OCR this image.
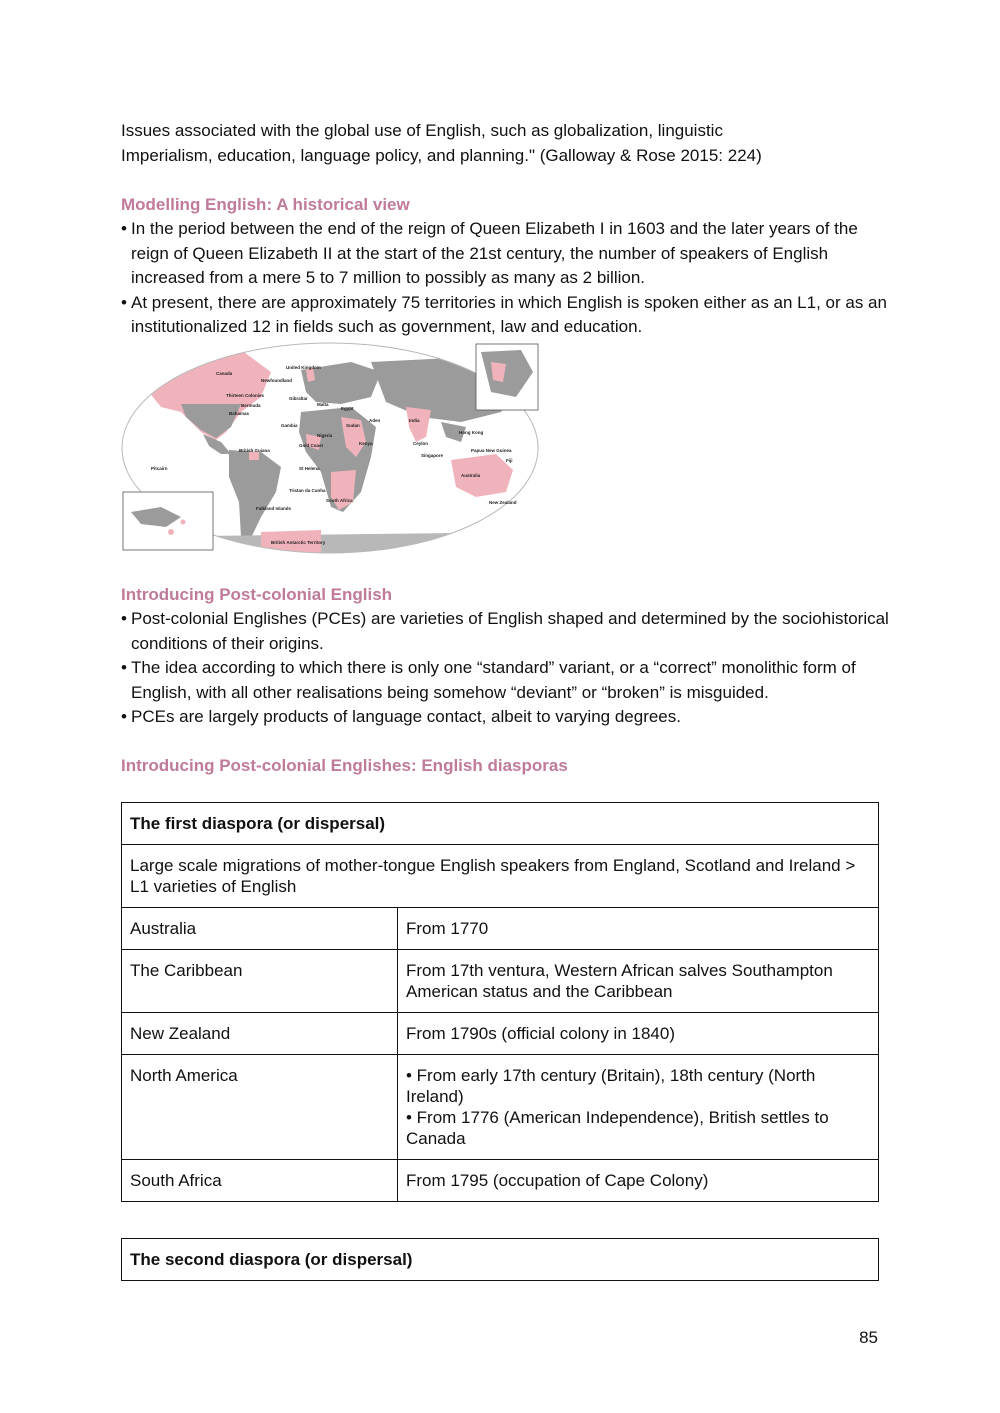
Issues associated with the global use of English, such as globalization, linguistic
Imperialism, education, language policy, and planning." (Galloway & Rose 2015: 224)

Modelling English: A historical view
• In the period between the end of the reign of Queen Elizabeth I in 1603 and the later years of the reign of Queen Elizabeth II at the start of the 21st century, the number of speakers of English increased from a mere 5 to 7 million to possibly as many as 2 billion.
• At present, there are approximately 75 territories in which English is spoken either as an L1, or as an institutionalized 12 in fields such as government, law and education.
United Kingdom
Canada
Newfoundland
Thirteen Colonies
Bermuda
Bahamas
British Guiana
Falkland Islands
Gambia
Gold Coast
Nigeria
Egypt
Sudan
South Africa
India
Australia
New Zealand
Hong Kong
Singapore
Malta
Gibraltar
Pitcairn	St Helena
Tristan da Cunha
Kenya
Aden
Ceylon
Papua New Guinea
Fiji
British Antarctic Territory
Introducing Post-colonial English
• Post-colonial Englishes (PCEs) are varieties of English shaped and determined by the sociohistorical conditions of their origins.
• The idea according to which there is only one “standard” variant, or a “correct” monolithic form of English, with all other realisations being somehow “deviant” or “broken” is misguided.
• PCEs are largely products of language contact, albeit to varying degrees.
Introducing Post-colonial Englishes: English diasporas
The first diaspora (or dispersal)	
Large scale migrations of mother-tongue English speakers from England, Scotland and Ireland > L1 varieties of English	
Australia	From 1770
The Caribbean	From 17th ventura, Western African salves Southampton American status and the Caribbean
New Zealand	From 1790s (official colony in 1840)
North America	• From early 17th century (Britain), 18th century (North Ireland)
• From 1776 (American Independence), British settles to Canada
South Africa	From 1795 (occupation of Cape Colony)
The second diaspora (or dispersal)
85
